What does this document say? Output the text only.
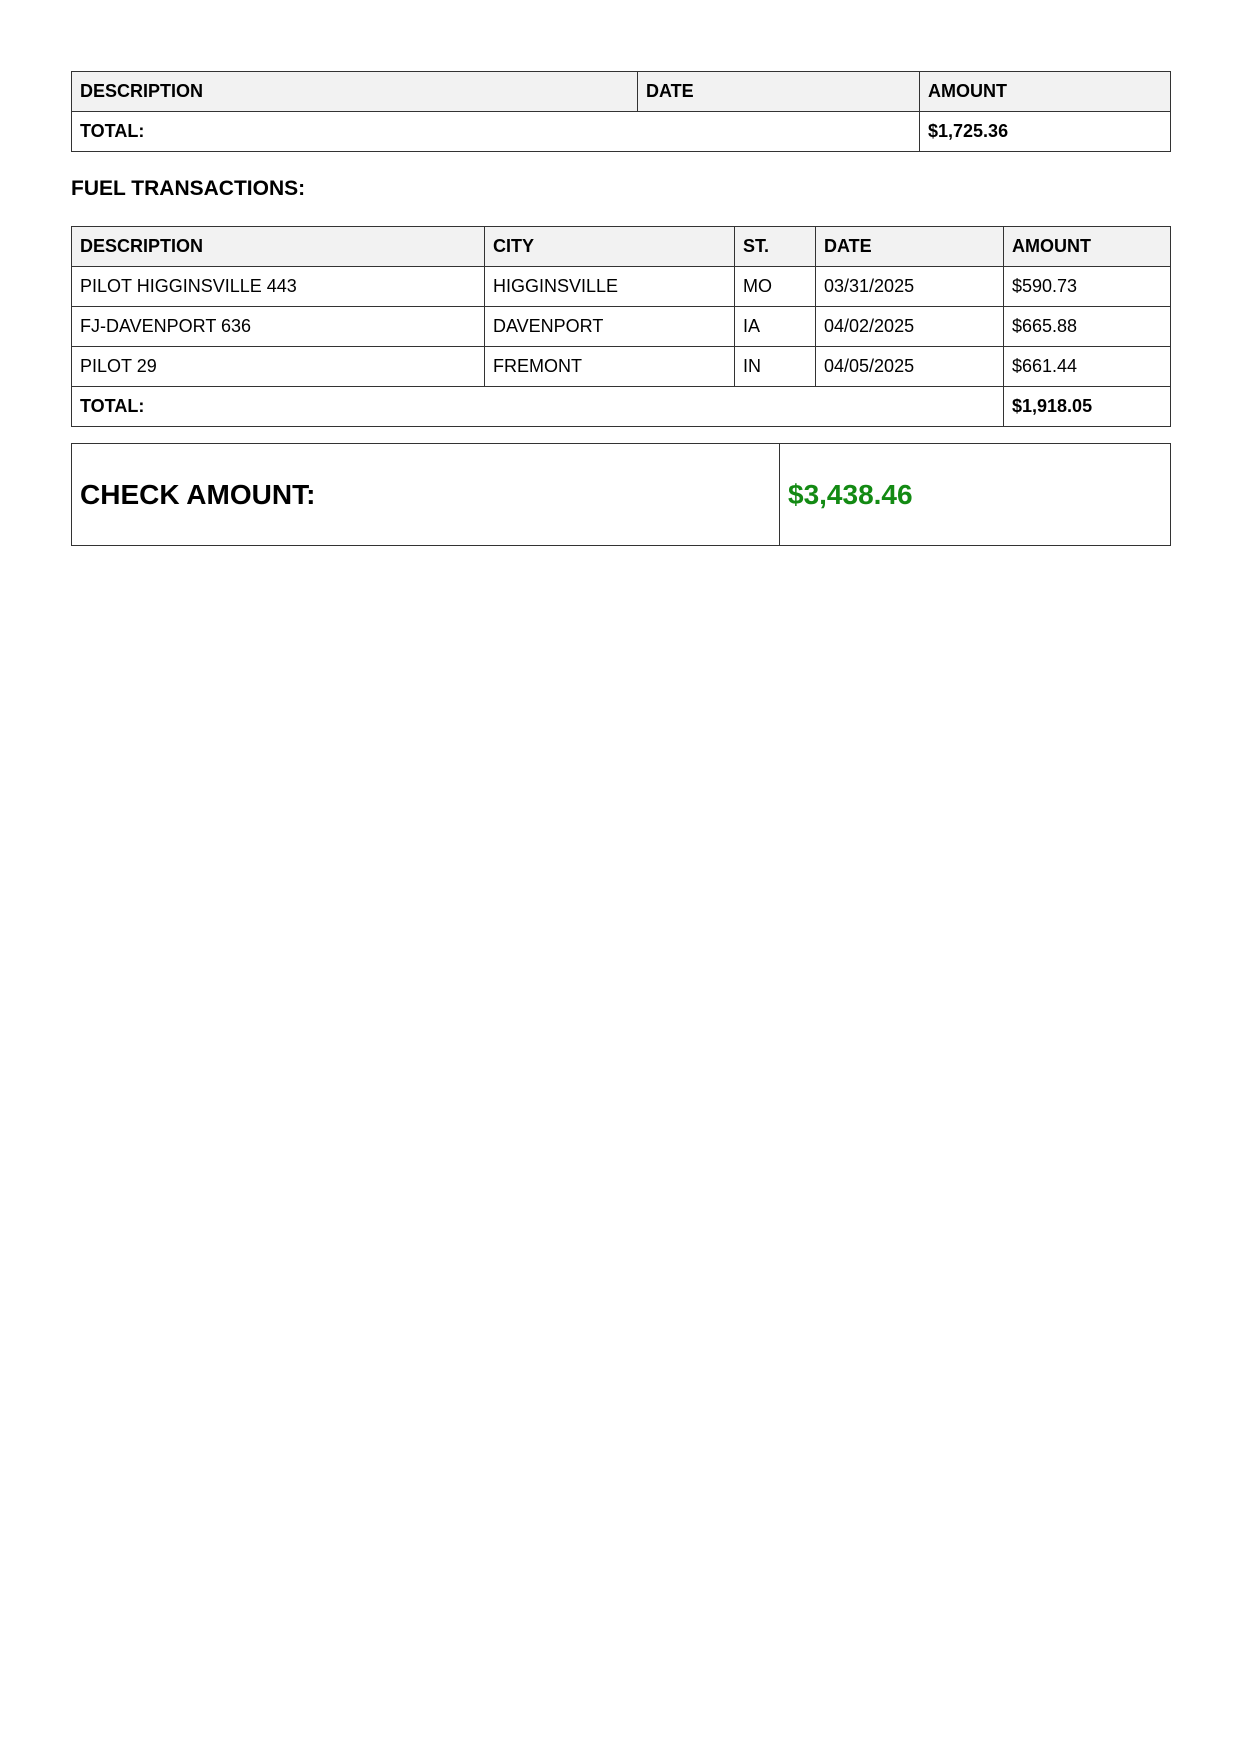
DESCRIPTION	DATE	AMOUNT
TOTAL:		$1,725.36
FUEL TRANSACTIONS:
DESCRIPTION	CITY	ST.	DATE	AMOUNT
PILOT HIGGINSVILLE 443	HIGGINSVILLE	MO	03/31/2025	$590.73
FJ-DAVENPORT 636	DAVENPORT	IA	04/02/2025	$665.88
PILOT 29	FREMONT	IN	04/05/2025	$661.44
TOTAL:				$1,918.05
CHECK AMOUNT:	$3,438.46
